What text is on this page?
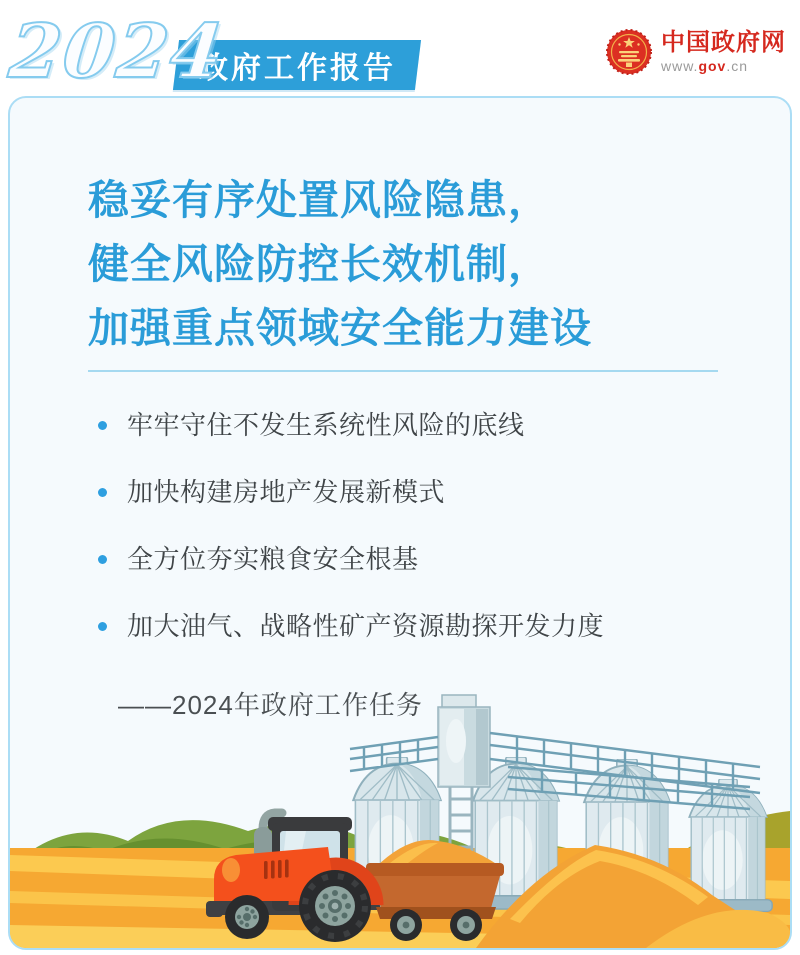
2024
政府工作报告
中国政府网
www.gov.cn
稳妥有序处置风险隐患，
健全风险防控长效机制，
加强重点领域安全能力建设
牢牢守住不发生系统性风险的底线
加快构建房地产发展新模式
全方位夯实粮食安全根基
加大油气、战略性矿产资源勘探开发力度

——2024年政府工作任务
